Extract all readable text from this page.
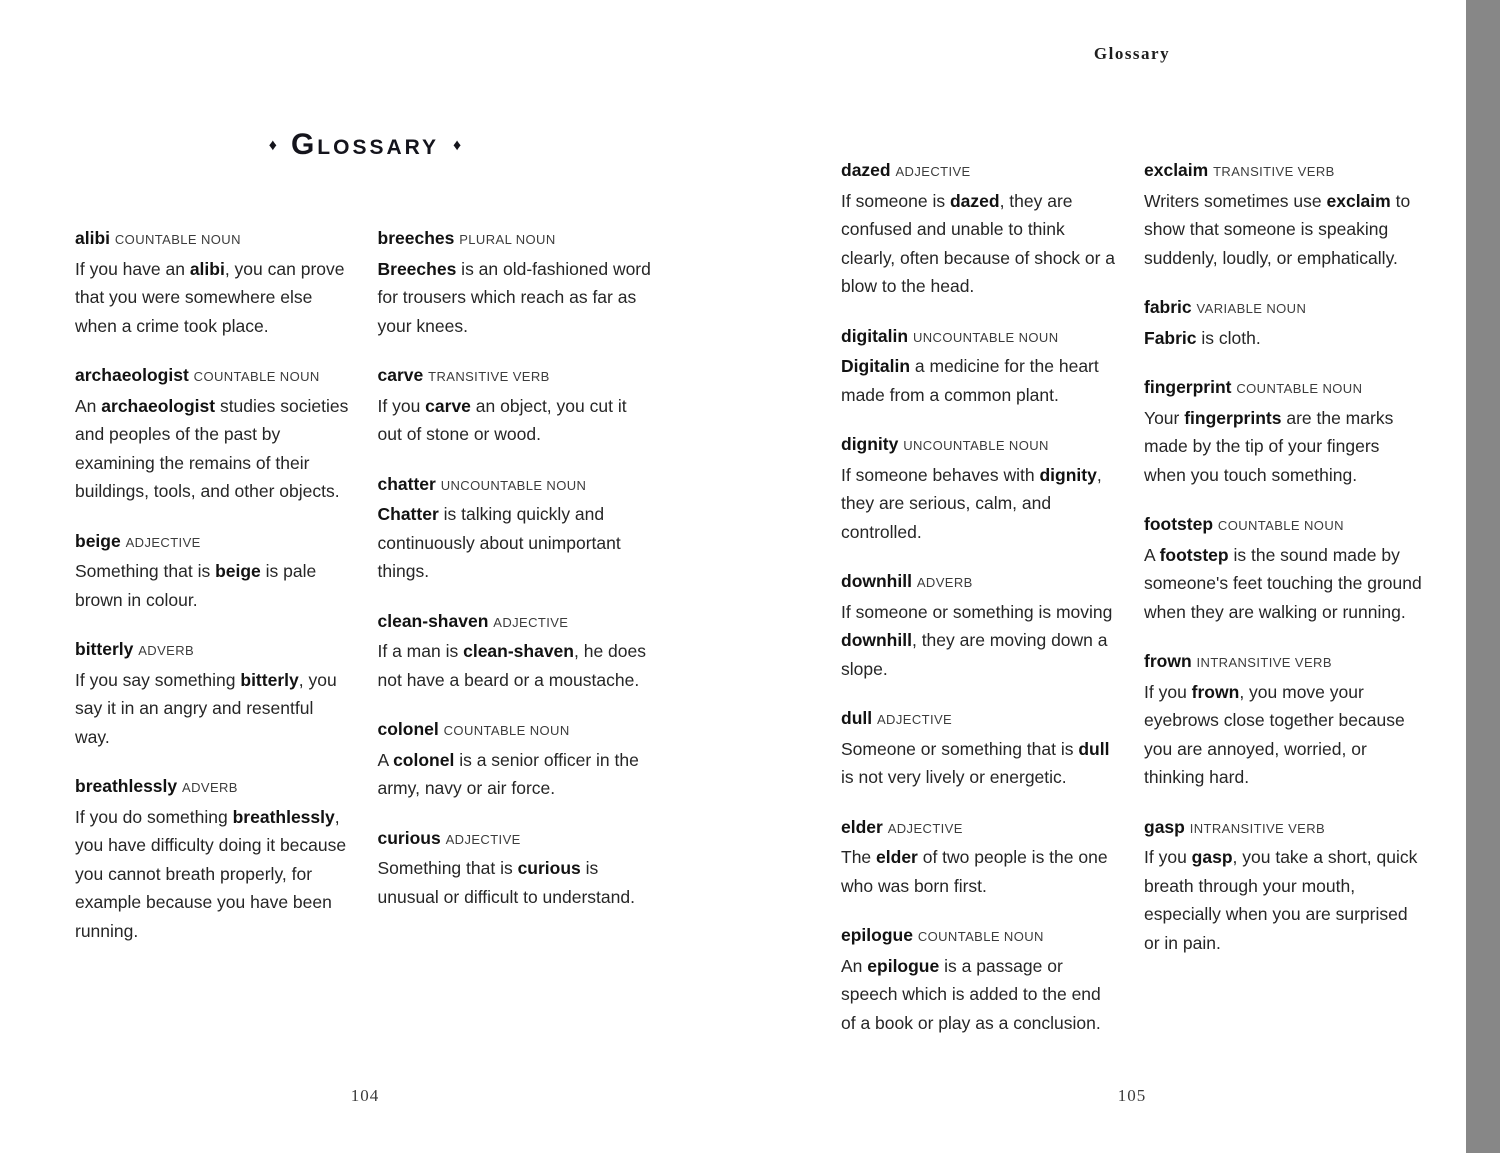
♦ Glossary ♦
alibi COUNTABLE NOUN
If you have an alibi, you can prove that you were somewhere else when a crime took place.
archaeologist COUNTABLE NOUN
An archaeologist studies societies and peoples of the past by examining the remains of their buildings, tools, and other objects.
beige ADJECTIVE
Something that is beige is pale brown in colour.
bitterly ADVERB
If you say something bitterly, you say it in an angry and resentful way.
breathlessly ADVERB
If you do something breathlessly, you have difficulty doing it because you cannot breath properly, for example because you have been running.
breeches PLURAL NOUN
Breeches is an old-fashioned word for trousers which reach as far as your knees.
carve TRANSITIVE VERB
If you carve an object, you cut it out of stone or wood.
chatter UNCOUNTABLE NOUN
Chatter is talking quickly and continuously about unimportant things.
clean-shaven ADJECTIVE
If a man is clean-shaven, he does not have a beard or a moustache.
colonel COUNTABLE NOUN
A colonel is a senior officer in the army, navy or air force.
curious ADJECTIVE
Something that is curious is unusual or difficult to understand.
104
Glossary
dazed ADJECTIVE
If someone is dazed, they are confused and unable to think clearly, often because of shock or a blow to the head.
digitalin UNCOUNTABLE NOUN
Digitalin a medicine for the heart made from a common plant.
dignity UNCOUNTABLE NOUN
If someone behaves with dignity, they are serious, calm, and controlled.
downhill ADVERB
If someone or something is moving downhill, they are moving down a slope.
dull ADJECTIVE
Someone or something that is dull is not very lively or energetic.
elder ADJECTIVE
The elder of two people is the one who was born first.
epilogue COUNTABLE NOUN
An epilogue is a passage or speech which is added to the end of a book or play as a conclusion.
exclaim TRANSITIVE VERB
Writers sometimes use exclaim to show that someone is speaking suddenly, loudly, or emphatically.
fabric VARIABLE NOUN
Fabric is cloth.
fingerprint COUNTABLE NOUN
Your fingerprints are the marks made by the tip of your fingers when you touch something.
footstep COUNTABLE NOUN
A footstep is the sound made by someone's feet touching the ground when they are walking or running.
frown INTRANSITIVE VERB
If you frown, you move your eyebrows close together because you are annoyed, worried, or thinking hard.
gasp INTRANSITIVE VERB
If you gasp, you take a short, quick breath through your mouth, especially when you are surprised or in pain.
105
